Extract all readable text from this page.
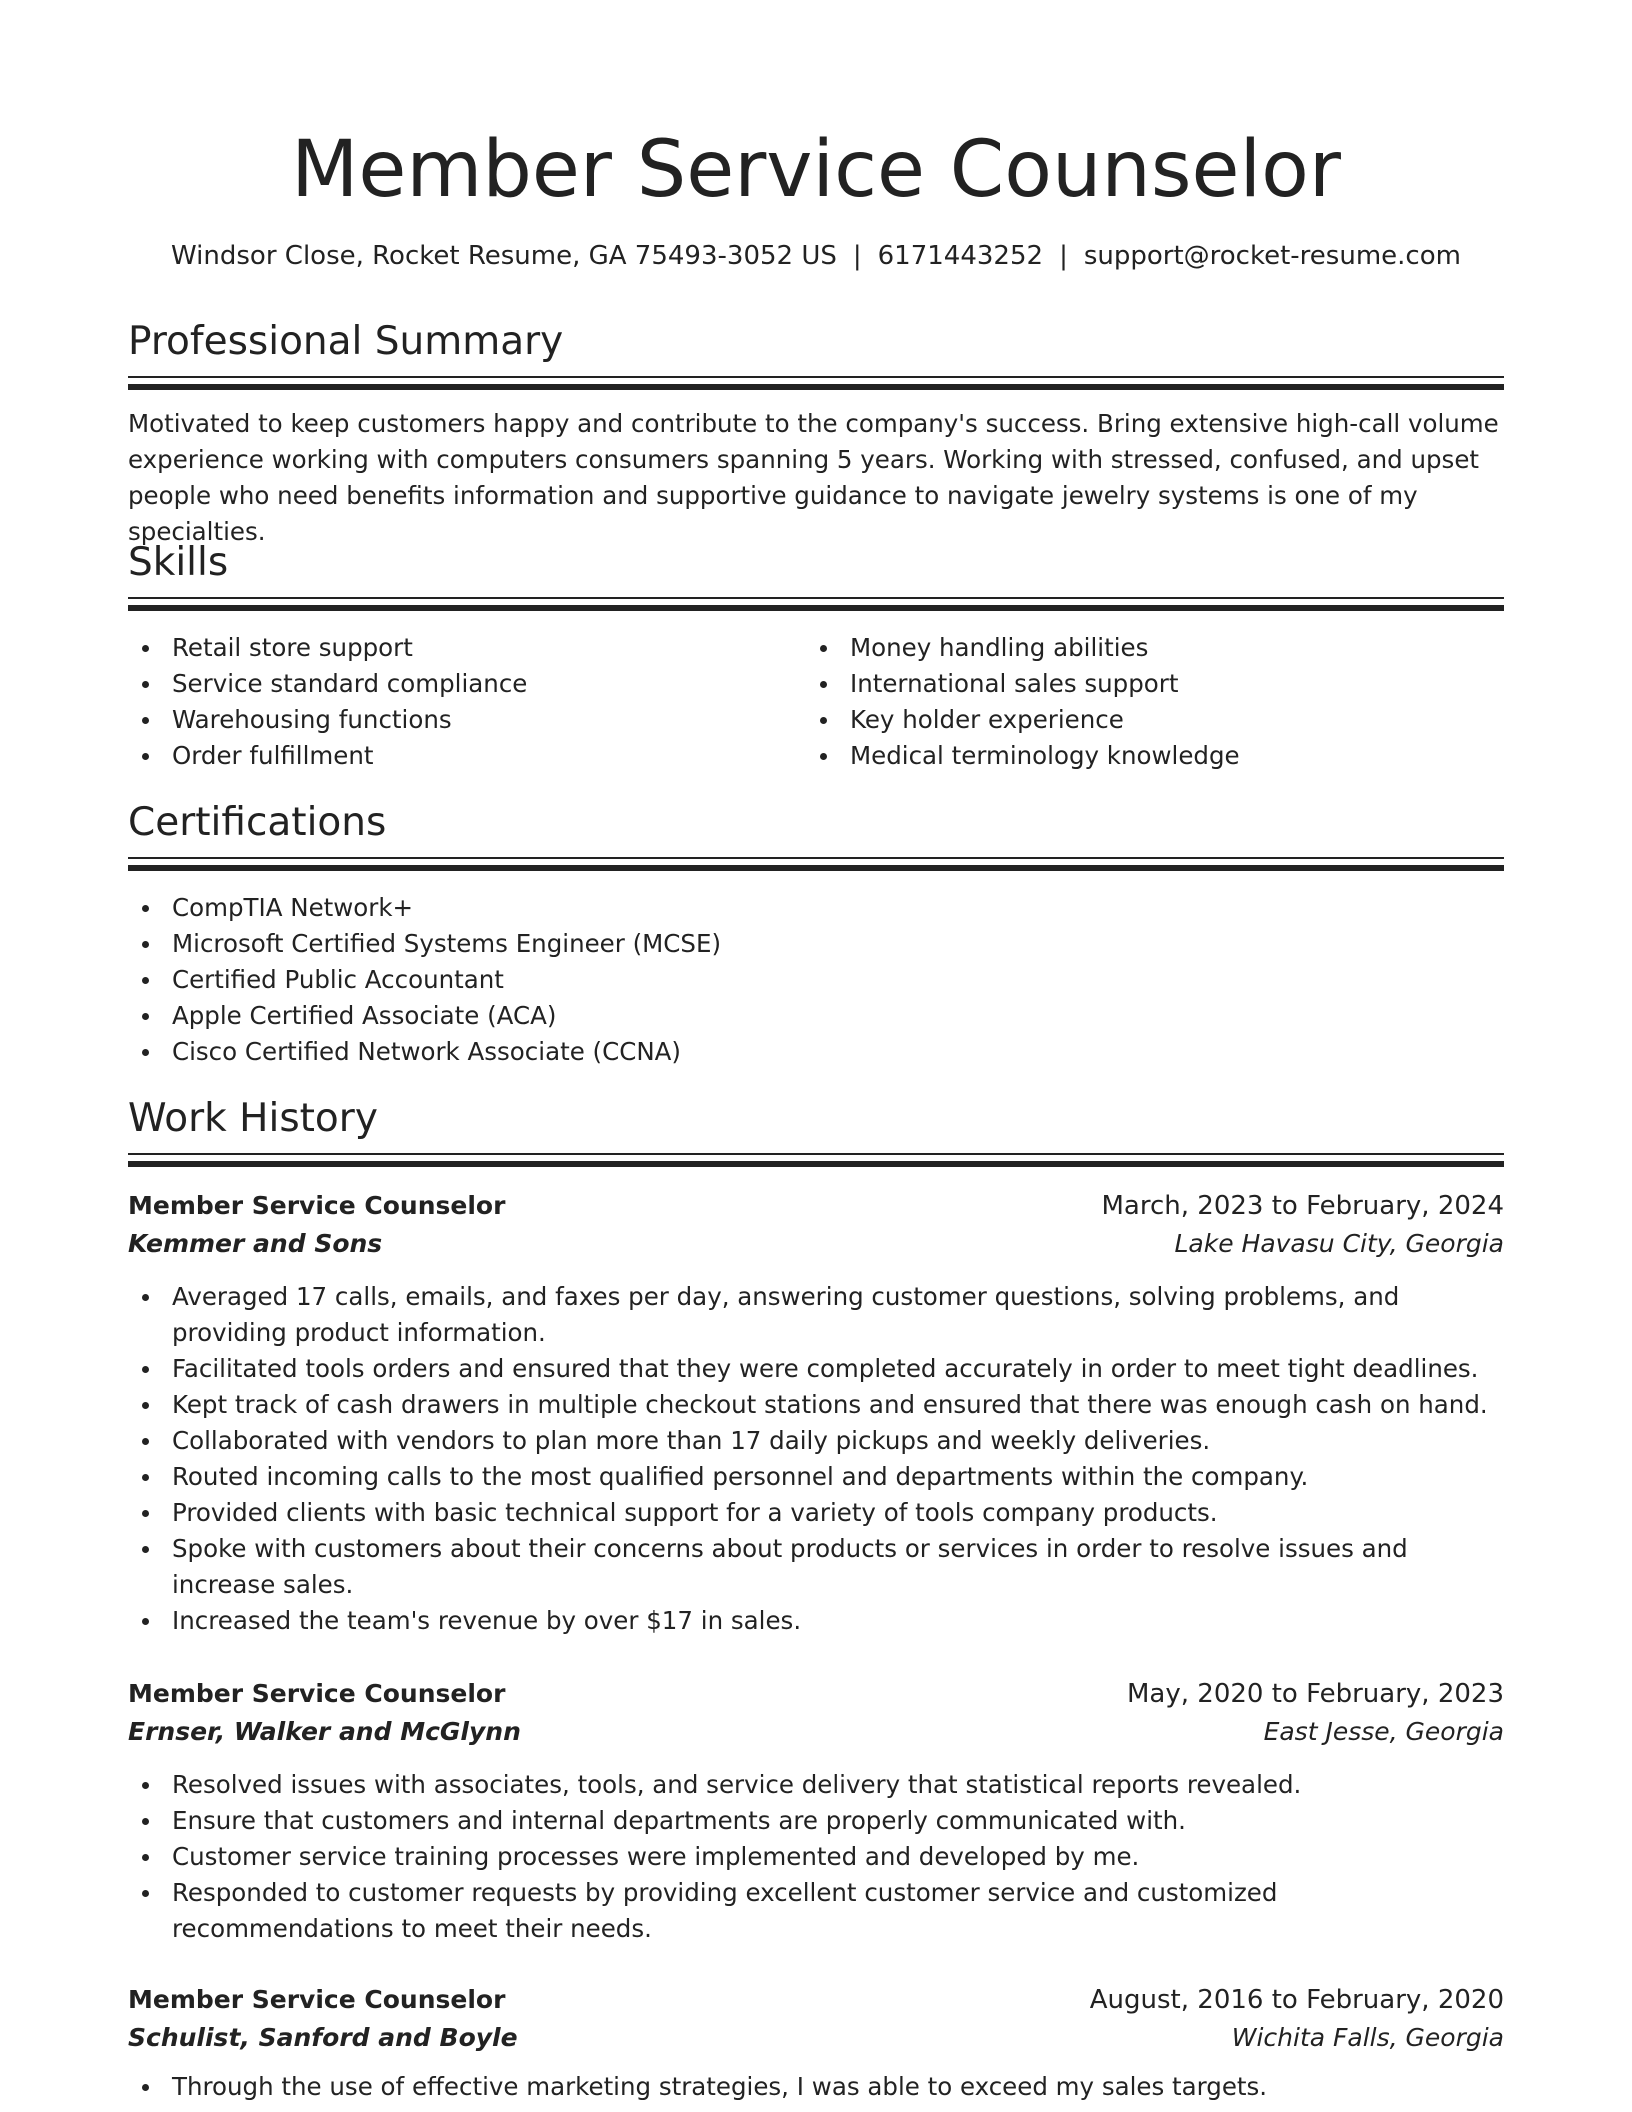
Member Service Counselor
Windsor Close, Rocket Resume, GA 75493-3052 US | 6171443252 | support@rocket-resume.com
Professional Summary

Motivated to keep customers happy and contribute to the company's success. Bring extensive high-call volume experience working with computers consumers spanning 5 years. Working with stressed, confused, and upset people who need benefits information and supportive guidance to navigate jewelry systems is one of my specialties.

Skills
Retail store support
Service standard compliance
Warehousing functions
Order fulfillment
Money handling abilities
International sales support
Key holder experience
Medical terminology knowledge
Certifications
CompTIA Network+
Microsoft Certified Systems Engineer (MCSE)
Certified Public Accountant
Apple Certified Associate (ACA)
Cisco Certified Network Associate (CCNA)
Work History
Member Service Counselor	March, 2023 to February, 2024
Kemmer and Sons	Lake Havasu City, Georgia
Averaged 17 calls, emails, and faxes per day, answering customer questions, solving problems, and providing product information.
Facilitated tools orders and ensured that they were completed accurately in order to meet tight deadlines.
Kept track of cash drawers in multiple checkout stations and ensured that there was enough cash on hand.
Collaborated with vendors to plan more than 17 daily pickups and weekly deliveries.
Routed incoming calls to the most qualified personnel and departments within the company.
Provided clients with basic technical support for a variety of tools company products.
Spoke with customers about their concerns about products or services in order to resolve issues and increase sales.
Increased the team's revenue by over $17 in sales.
Member Service Counselor	May, 2020 to February, 2023
Ernser, Walker and McGlynn	East Jesse, Georgia
Resolved issues with associates, tools, and service delivery that statistical reports revealed.
Ensure that customers and internal departments are properly communicated with.
Customer service training processes were implemented and developed by me.
Responded to customer requests by providing excellent customer service and customized recommendations to meet their needs.
Member Service Counselor	August, 2016 to February, 2020
Schulist, Sanford and Boyle	Wichita Falls, Georgia
Through the use of effective marketing strategies, I was able to exceed my sales targets.
